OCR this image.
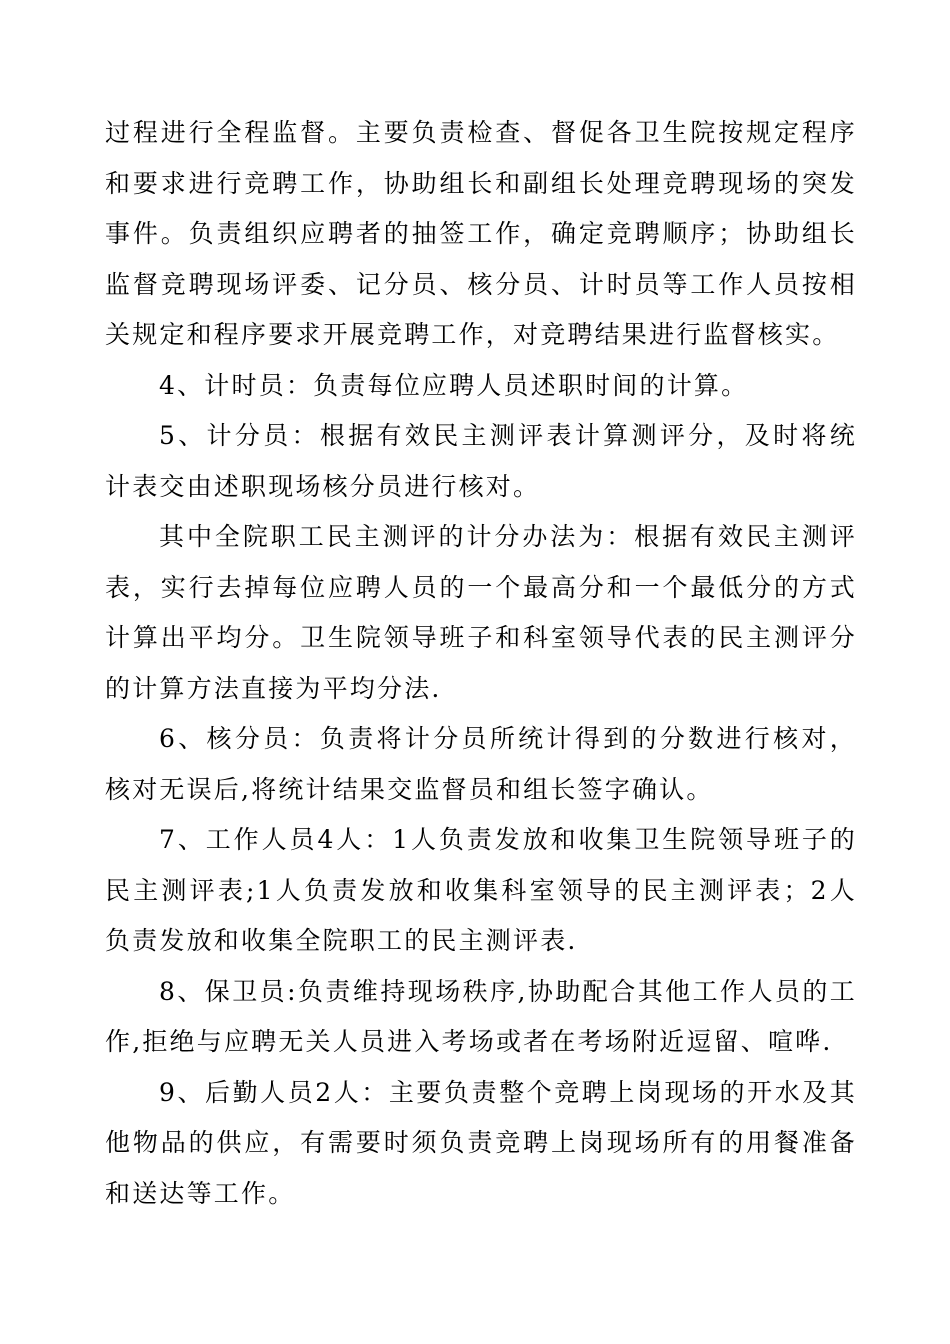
过程进行全程监督。主要负责检查、督促各卫生院按规定程序和要求进行竞聘工作，协助组长和副组长处理竞聘现场的突发事件。负责组织应聘者的抽签工作，确定竞聘顺序；协助组长监督竞聘现场评委、记分员、核分员、计时员等工作人员按相关规定和程序要求开展竞聘工作，对竞聘结果进行监督核实。

4、计时员：负责每位应聘人员述职时间的计算。

5、计分员：根据有效民主测评表计算测评分，及时将统计表交由述职现场核分员进行核对。

其中全院职工民主测评的计分办法为：根据有效民主测评表，实行去掉每位应聘人员的一个最高分和一个最低分的方式计算出平均分。卫生院领导班子和科室领导代表的民主测评分的计算方法直接为平均分法.

6、核分员：负责将计分员所统计得到的分数进行核对，核对无误后,将统计结果交监督员和组长签字确认。

7、工作人员4人：1人负责发放和收集卫生院领导班子的民主测评表;1人负责发放和收集科室领导的民主测评表；2人负责发放和收集全院职工的民主测评表.

8、保卫员:负责维持现场秩序,协助配合其他工作人员的工作,拒绝与应聘无关人员进入考场或者在考场附近逗留、喧哗.

9、后勤人员2人：主要负责整个竞聘上岗现场的开水及其他物品的供应，有需要时须负责竞聘上岗现场所有的用餐准备和送达等工作。
